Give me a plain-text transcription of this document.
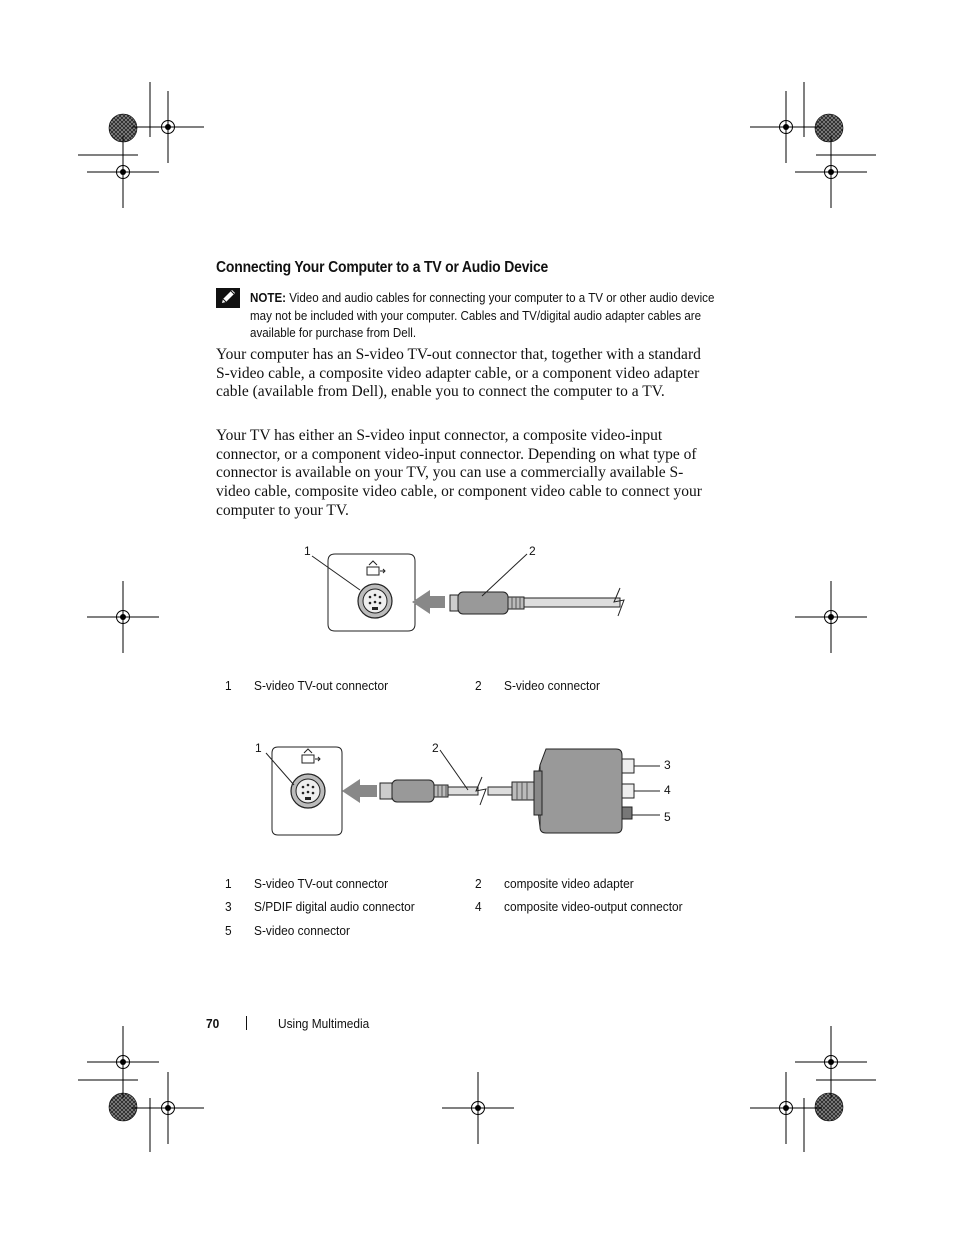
Connecting Your Computer to a TV or Audio Device
NOTE: Video and audio cables for connecting your computer to a TV or other audio device may not be included with your computer. Cables and TV/digital audio adapter cables are available for purchase from Dell.
Your computer has an S-video TV-out connector that, together with a standard S-video cable, a composite video adapter cable, or a component video adapter cable (available from Dell), enable you to connect the computer to a TV.
Your TV has either an S-video input connector, a composite video-input connector, or a component video-input connector. Depending on what type of connector is available on your TV, you can use a commercially available S-video cable, composite video cable, or component video cable to connect your computer to your TV.
1	2
1 S-video TV-out connector	2 S-video connector
1	2
3
4
5
1 S-video TV-out connector	2 composite video adapter
3 S/PDIF digital audio connector	4 composite video-output connector
5 S-video connector
70	Using Multimedia
